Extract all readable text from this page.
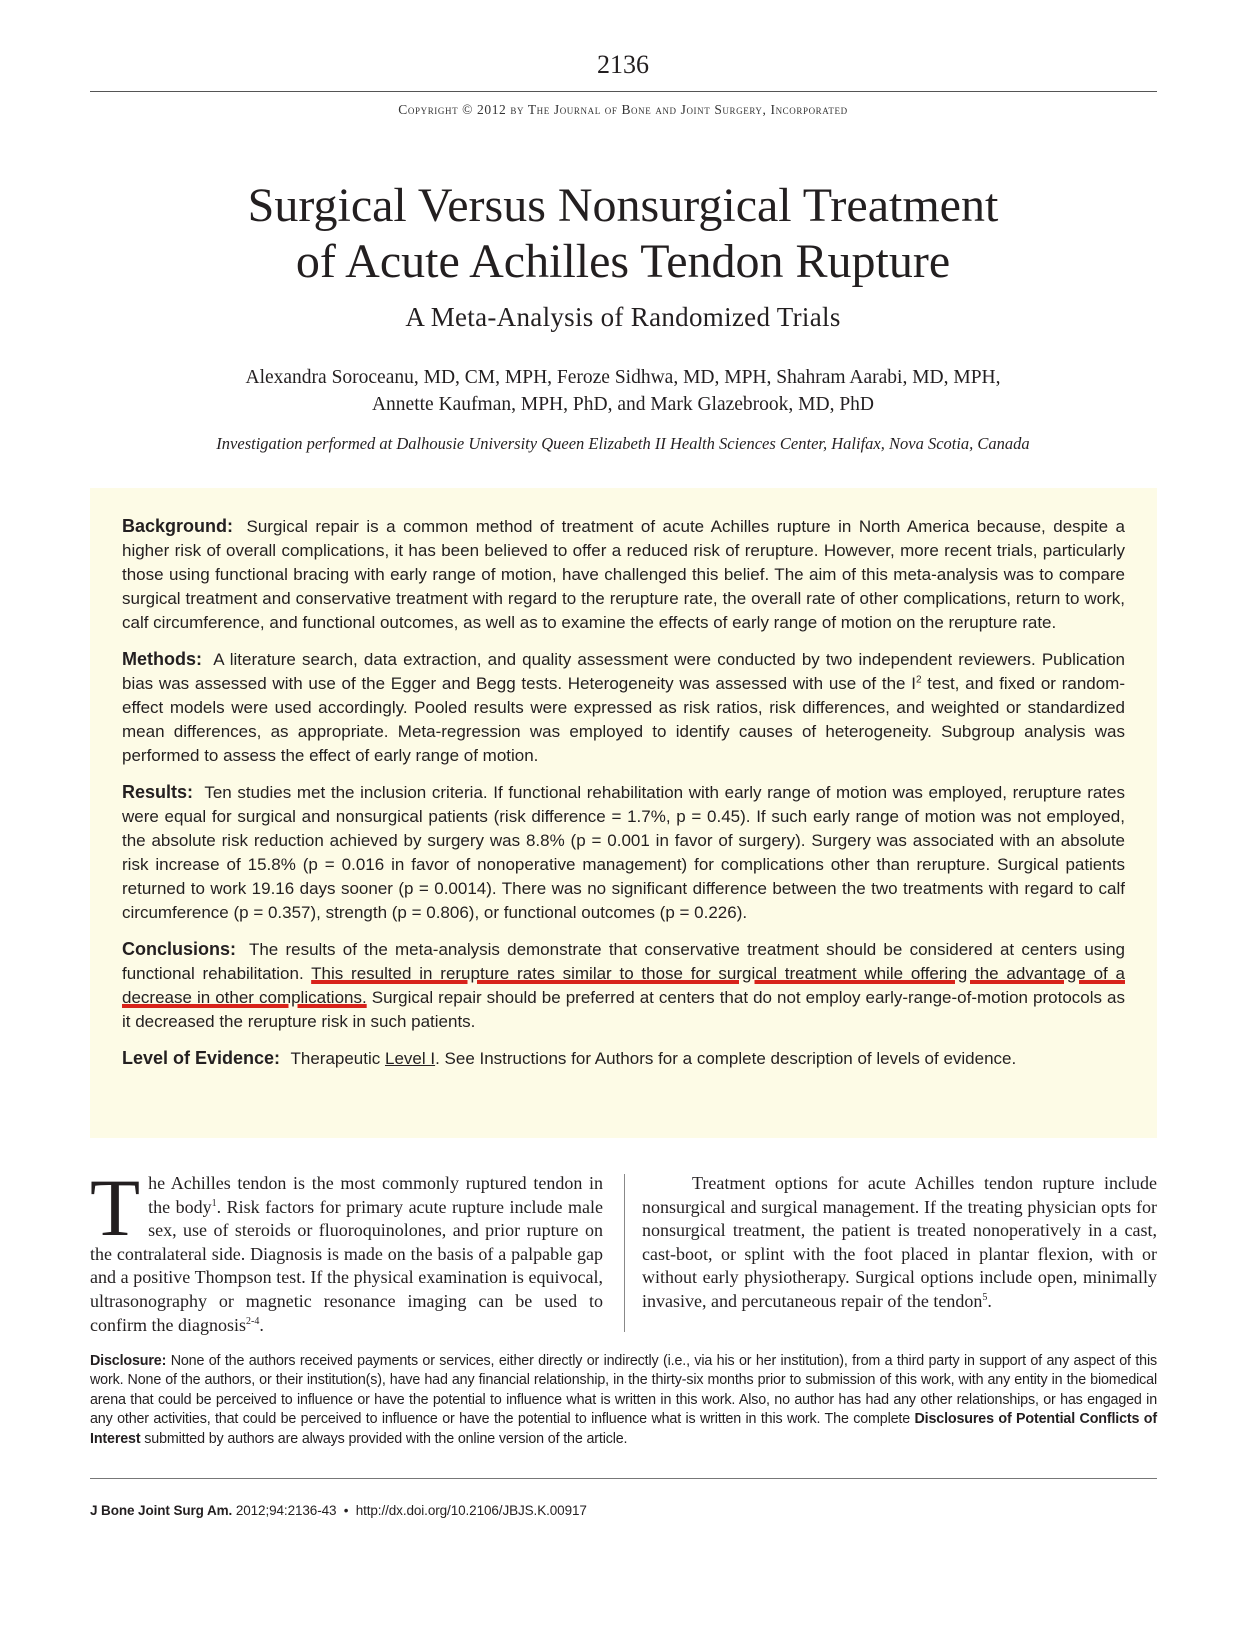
2136
Copyright © 2012 by The Journal of Bone and Joint Surgery, Incorporated
Surgical Versus Nonsurgical Treatment
of Acute Achilles Tendon Rupture
A Meta-Analysis of Randomized Trials
Alexandra Soroceanu, MD, CM, MPH, Feroze Sidhwa, MD, MPH, Shahram Aarabi, MD, MPH,
Annette Kaufman, MPH, PhD, and Mark Glazebrook, MD, PhD
Investigation performed at Dalhousie University Queen Elizabeth II Health Sciences Center, Halifax, Nova Scotia, Canada

Background: Surgical repair is a common method of treatment of acute Achilles rupture in North America because, despite a higher risk of overall complications, it has been believed to offer a reduced risk of rerupture. However, more recent trials, particularly those using functional bracing with early range of motion, have challenged this belief. The aim of this meta-analysis was to compare surgical treatment and conservative treatment with regard to the rerupture rate, the overall rate of other complications, return to work, calf circumference, and functional outcomes, as well as to examine the effects of early range of motion on the rerupture rate.

Methods: A literature search, data extraction, and quality assessment were conducted by two independent reviewers. Publication bias was assessed with use of the Egger and Begg tests. Heterogeneity was assessed with use of the $I^2$ test, and fixed or random-effect models were used accordingly. Pooled results were expressed as risk ratios, risk differences, and weighted or standardized mean differences, as appropriate. Meta-regression was employed to identify causes of heterogeneity. Subgroup analysis was performed to assess the effect of early range of motion.

Results: Ten studies met the inclusion criteria. If functional rehabilitation with early range of motion was employed, rerupture rates were equal for surgical and nonsurgical patients (risk difference = 1.7%, p = 0.45). If such early range of motion was not employed, the absolute risk reduction achieved by surgery was 8.8% (p = 0.001 in favor of surgery). Surgery was associated with an absolute risk increase of 15.8% (p = 0.016 in favor of nonoperative management) for complications other than rerupture. Surgical patients returned to work 19.16 days sooner (p = 0.0014). There was no significant difference between the two treatments with regard to calf circumference (p = 0.357), strength (p = 0.806), or functional outcomes (p = 0.226).

Conclusions: The results of the meta-analysis demonstrate that conservative treatment should be considered at centers using functional rehabilitation. This resulted in rerupture rates similar to those for surgical treatment while offering the advantage of a decrease in other complications. Surgical repair should be preferred at centers that do not employ early-range-of-motion protocols as it decreased the rerupture risk in such patients.

Level of Evidence: Therapeutic Level I. See Instructions for Authors for a complete description of levels of evidence.

The Achilles tendon is the most commonly ruptured tendon in the body$^1$. Risk factors for primary acute rupture include male sex, use of steroids or fluoroquinolones, and prior rupture on the contralateral side. Diagnosis is made on the basis of a palpable gap and a positive Thompson test. If the physical examination is equivocal, ultrasonography or magnetic resonance imaging can be used to confirm the diagnosis$^{2-4}$.

Treatment options for acute Achilles tendon rupture include nonsurgical and surgical management. If the treating physician opts for nonsurgical treatment, the patient is treated nonoperatively in a cast, cast-boot, or splint with the foot placed in plantar flexion, with or without early physiotherapy. Surgical options include open, minimally invasive, and percutaneous repair of the tendon$^5$.

Disclosure: None of the authors received payments or services, either directly or indirectly (i.e., via his or her institution), from a third party in support of any aspect of this work. None of the authors, or their institution(s), have had any financial relationship, in the thirty-six months prior to submission of this work, with any entity in the biomedical arena that could be perceived to influence or have the potential to influence what is written in this work. Also, no author has had any other relationships, or has engaged in any other activities, that could be perceived to influence or have the potential to influence what is written in this work. The complete Disclosures of Potential Conflicts of Interest submitted by authors are always provided with the online version of the article.
J Bone Joint Surg Am. 2012;94:2136-43 • http://dx.doi.org/10.2106/JBJS.K.00917
